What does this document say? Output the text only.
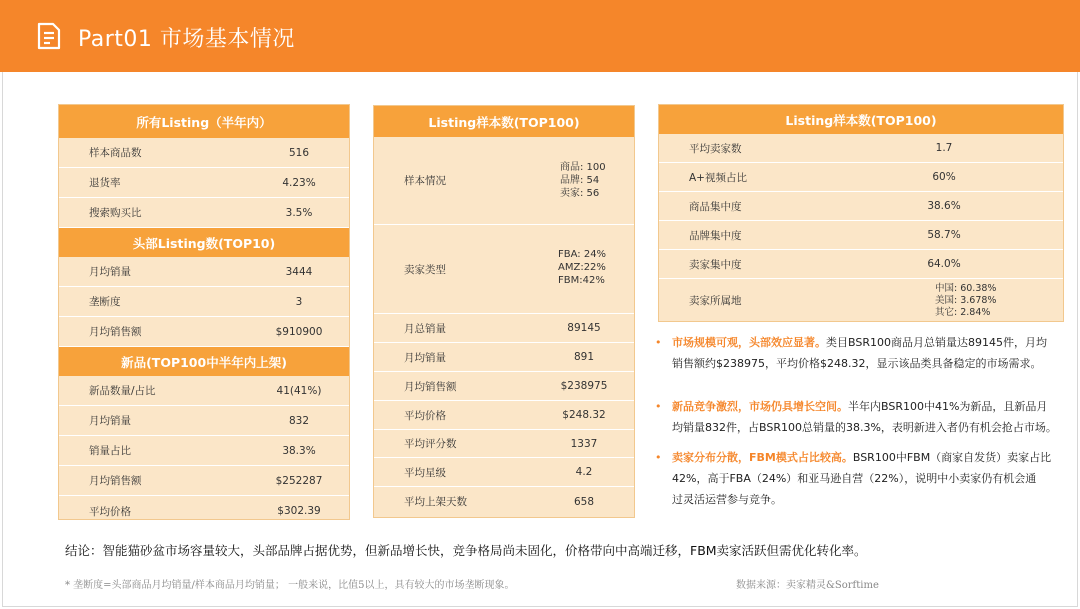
Part01 市场基本情况
所有Listing（半年内）
样本商品数	516
退货率	4.23%
搜索购买比	3.5%
头部Listing数(TOP10)
月均销量	3444
垄断度	3
月均销售额	$910900
新品(TOP100中半年内上架)
新品数量/占比	41(41%)
月均销量	832
销量占比	38.3%
月均销售额	$252287
平均价格	$302.39
Listing样本数(TOP100)
样本情况
商品: 100
品牌: 54
卖家: 56
卖家类型
FBA: 24%
AMZ:22%
FBM:42%
月总销量	89145
月均销量	891
月均销售额	$238975
平均价格	$248.32
平均评分数	1337
平均星级	4.2
平均上架天数	658
Listing样本数(TOP100)
平均卖家数	1.7
A+视频占比	60%
商品集中度	38.6%
品牌集中度	58.7%
卖家集中度	64.0%
卖家所属地
中国: 60.38%
美国: 3.678%
其它: 2.84%
• 市场规模可观，头部效应显著。类目BSR100商品月总销量达89145件，月均
销售额约$238975，平均价格$248.32，显示该品类具备稳定的市场需求。
• 新品竞争激烈，市场仍具增长空间。半年内BSR100中41%为新品，且新品月
均销量832件，占BSR100总销量的38.3%，表明新进入者仍有机会抢占市场。
• 卖家分布分散，FBM模式占比较高。BSR100中FBM（商家自发货）卖家占比
42%，高于FBA（24%）和亚马逊自营（22%），说明中小卖家仍有机会通
过灵活运营参与竞争。
结论：智能猫砂盆市场容量较大，头部品牌占据优势，但新品增长快，竞争格局尚未固化，价格带向中高端迁移，FBM卖家活跃但需优化转化率。
* 垄断度=头部商品月均销量/样本商品月均销量； 一般来说，比值5以上，具有较大的市场垄断现象。	数据来源：卖家精灵&Sorftime
